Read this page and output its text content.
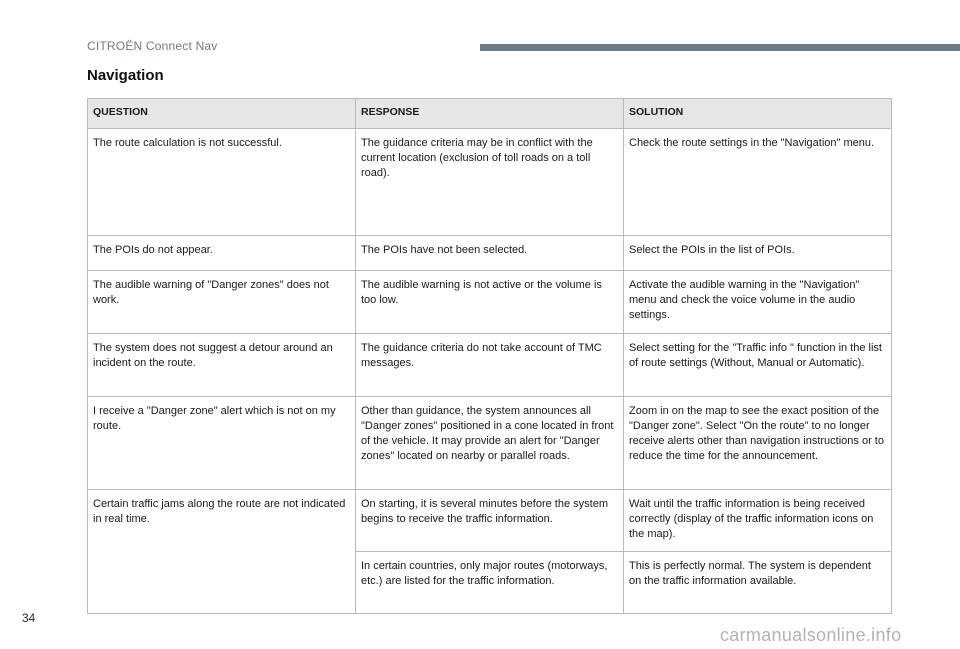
CITROËN Connect Nav
Navigation
QUESTION	RESPONSE	SOLUTION
The route calculation is not successful.	The guidance criteria may be in conflict with the current location (exclusion of toll roads on a toll road).	Check the route settings in the "Navigation" menu.
The POIs do not appear.	The POIs have not been selected.	Select the POIs in the list of POIs.
The audible warning of "Danger zones" does not work.	The audible warning is not active or the volume is too low.	Activate the audible warning in the "Navigation" menu and check the voice volume in the audio settings.
The system does not suggest a detour around an incident on the route.	The guidance criteria do not take account of TMC messages.	Select setting for the "Traffic info " function in the list of route settings (Without, Manual or Automatic).
I receive a "Danger zone" alert which is not on my route.	Other than guidance, the system announces all "Danger zones" positioned in a cone located in front of the vehicle. It may provide an alert for "Danger zones" located on nearby or parallel roads.	Zoom in on the map to see the exact position of the "Danger zone". Select "On the route" to no longer receive alerts other than navigation instructions or to reduce the time for the announcement.
Certain traffic jams along the route are not indicated in real time.	On starting, it is several minutes before the system begins to receive the traffic information.	Wait until the traffic information is being received correctly (display of the traffic information icons on the map).
	In certain countries, only major routes (motorways, etc.) are listed for the traffic information.	This is perfectly normal. The system is dependent on the traffic information available.
34
carmanualsonline.info
